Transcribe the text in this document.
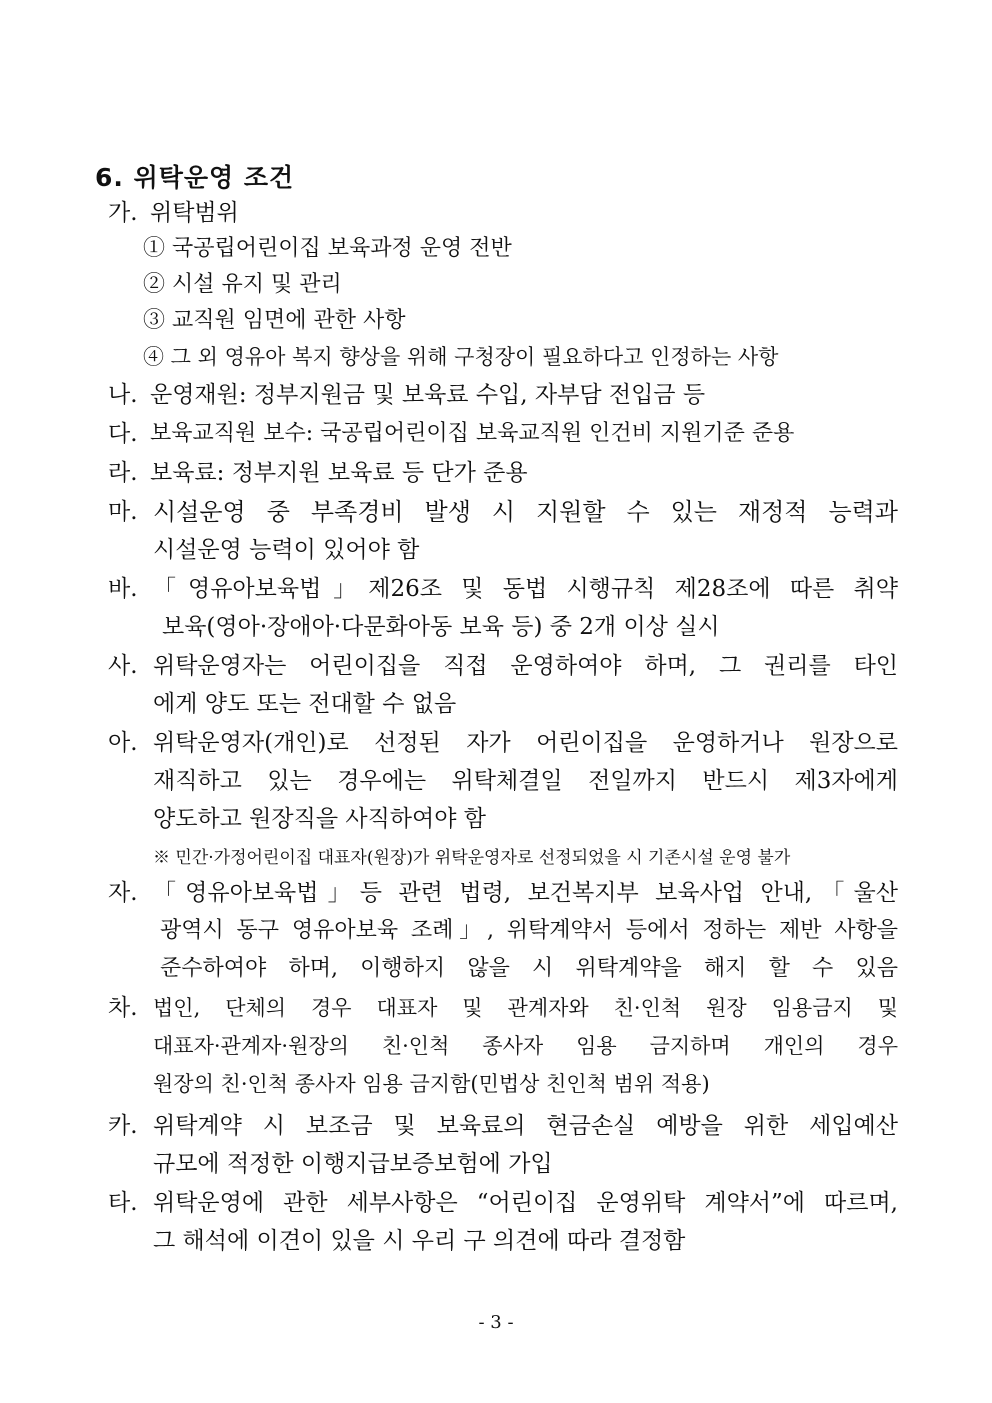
6. 위탁운영 조건
가. 위탁범위
① 국공립어린이집 보육과정 운영 전반
② 시설 유지 및 관리
③ 교직원 임면에 관한 사항
④ 그 외 영유아 복지 향상을 위해 구청장이 필요하다고 인정하는 사항
나. 운영재원: 정부지원금 및 보육료 수입, 자부담 전입금 등
다. 보육교직원 보수: 국공립어린이집 보육교직원 인건비 지원기준 준용
라. 보육료: 정부지원 보육료 등 단가 준용
마. 시설운영 중 부족경비 발생 시 지원할 수 있는 재정적 능력과
시설운영 능력이 있어야 함
바. 「영유아보육법」제26조 및 동법 시행규칙 제28조에 따른 취약
보육(영아·장애아·다문화아동 보육 등) 중 2개 이상 실시
사. 위탁운영자는 어린이집을 직접 운영하여야 하며, 그 권리를 타인
에게 양도 또는 전대할 수 없음
아. 위탁운영자(개인)로 선정된 자가 어린이집을 운영하거나 원장으로
재직하고 있는 경우에는 위탁체결일 전일까지 반드시 제3자에게
양도하고 원장직을 사직하여야 함
※ 민간·가정어린이집 대표자(원장)가 위탁운영자로 선정되었을 시 기존시설 운영 불가
자. 「영유아보육법」등 관련 법령, 보건복지부 보육사업 안내,「울산
광역시 동구 영유아보육 조례」, 위탁계약서 등에서 정하는 제반 사항을
준수하여야 하며, 이행하지 않을 시 위탁계약을 해지 할 수 있음
차. 법인, 단체의 경우 대표자 및 관계자와 친·인척 원장 임용금지 및
대표자·관계자·원장의 친·인척 종사자 임용 금지하며 개인의 경우
원장의 친·인척 종사자 임용 금지함(민법상 친인척 범위 적용)
카. 위탁계약 시 보조금 및 보육료의 현금손실 예방을 위한 세입예산
규모에 적정한 이행지급보증보험에 가입
타. 위탁운영에 관한 세부사항은 “어린이집 운영위탁 계약서”에 따르며,
그 해석에 이견이 있을 시 우리 구 의견에 따라 결정함
- 3 -
